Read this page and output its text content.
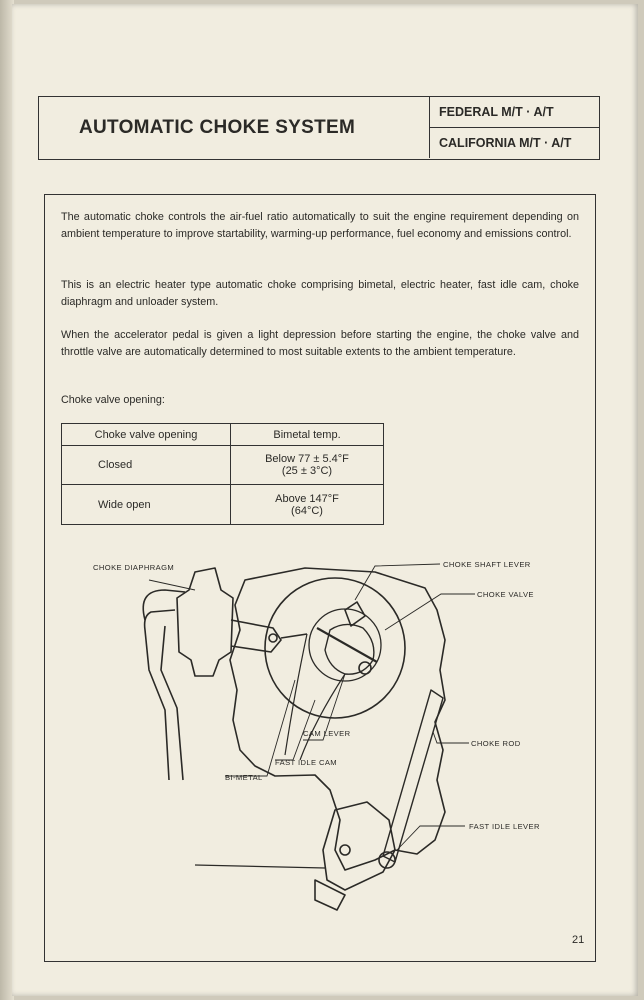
AUTOMATIC CHOKE SYSTEM
FEDERAL M/T · A/T
CALIFORNIA M/T · A/T
The automatic choke controls the air-fuel ratio automatically to suit the engine requirement depending on ambient temperature to improve startability, warming-up performance, fuel economy and emissions control.
This is an electric heater type automatic choke comprising bimetal, electric heater, fast idle cam, choke diaphragm and unloader system.
When the accelerator pedal is given a light depression before starting the engine, the choke valve and throttle valve are automatically determined to most suitable extents to the ambient temperature.
Choke valve opening:
Choke valve opening	Bimetal temp.
Closed	Below 77 ± 5.4°F
(25 ± 3°C)

Wide open	Above 147°F
(64°C)
CHOKE DIAPHRAGM	CHOKE SHAFT LEVER
CHOKE VALVE
CAM LEVER
FAST IDLE CAM
BI-METAL
CHOKE ROD
FAST IDLE LEVER
21
